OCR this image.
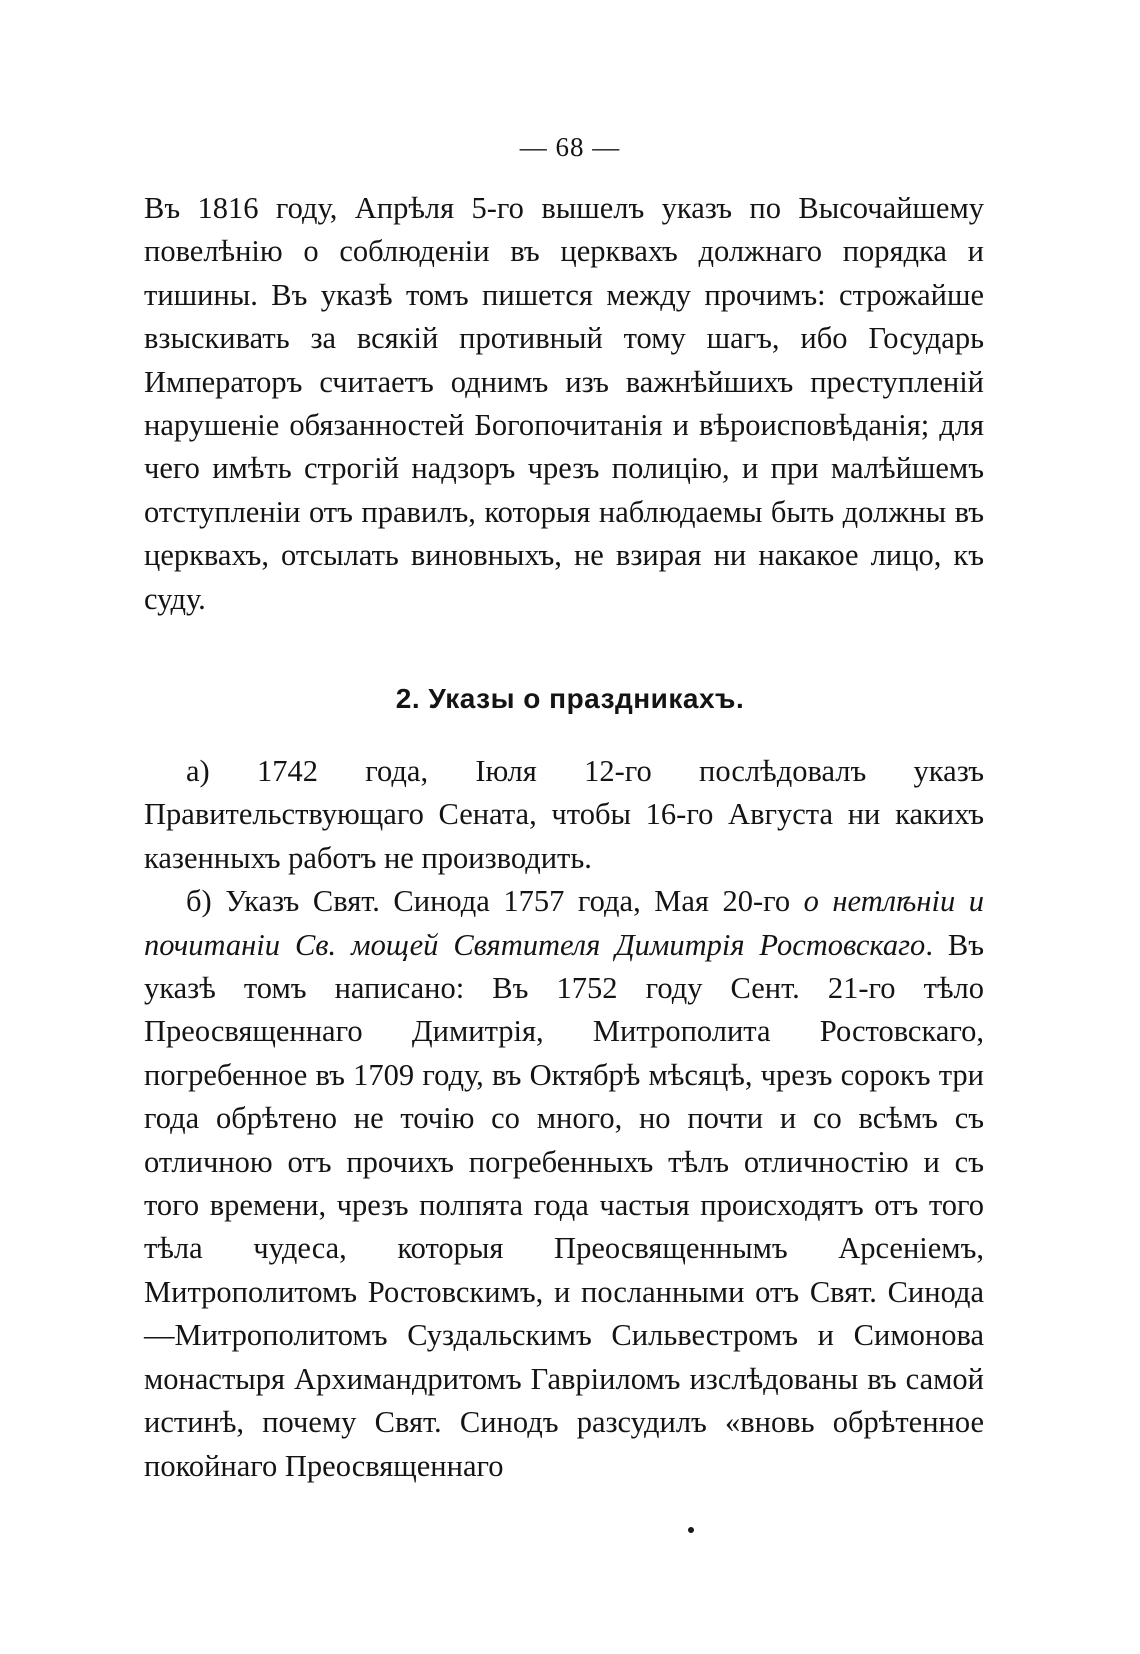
— 68 —

Въ 1816 году, Апрѣля 5-го вышелъ указъ по Высочайшему повелѣнію о соблюденіи въ церквахъ должнаго порядка и тишины. Въ указѣ томъ пишется между прочимъ: строжайше взыскивать за всякій противный тому шагъ, ибо Государь Императоръ считаетъ однимъ изъ важнѣйшихъ преступленій нарушеніе обязанностей Богопочитанія и вѣроисповѣданія; для чего имѣть строгій надзоръ чрезъ полицію, и при малѣйшемъ отступленіи отъ правилъ, которыя наблюдаемы быть должны въ церквахъ, отсылать виновныхъ, не взирая ни накакое лицо, къ суду.

2. Указы о праздникахъ.

а) 1742 года, Іюля 12-го послѣдовалъ указъ Правительствующаго Сената, чтобы 16-го Августа ни какихъ казенныхъ работъ не производить.

б) Указъ Свят. Синода 1757 года, Мая 20-го о нетлѣніи и почитаніи Св. мощей Святителя Димитрія Ростовскаго. Въ указѣ томъ написано: Въ 1752 году Сент. 21-го тѣло Преосвященнаго Димитрія, Митрополита Ростовскаго, погребенное въ 1709 году, въ Октябрѣ мѣсяцѣ, чрезъ сорокъ три года обрѣтено не точію со много, но почти и со всѣмъ съ отличною отъ прочихъ погребенныхъ тѣлъ отличностію и съ того времени, чрезъ полпята года частыя происходятъ отъ того тѣла чудеса, которыя Преосвященнымъ Арсеніемъ, Митрополитомъ Ростовскимъ, и посланными отъ Свят. Синода—Митрополитомъ Суздальскимъ Сильвестромъ и Симонова монастыря Архимандритомъ Гавріиломъ изслѣдованы въ самой истинѣ, почему Свят. Синодъ разсудилъ «вновь обрѣтенное покойнаго Преосвященнаго
